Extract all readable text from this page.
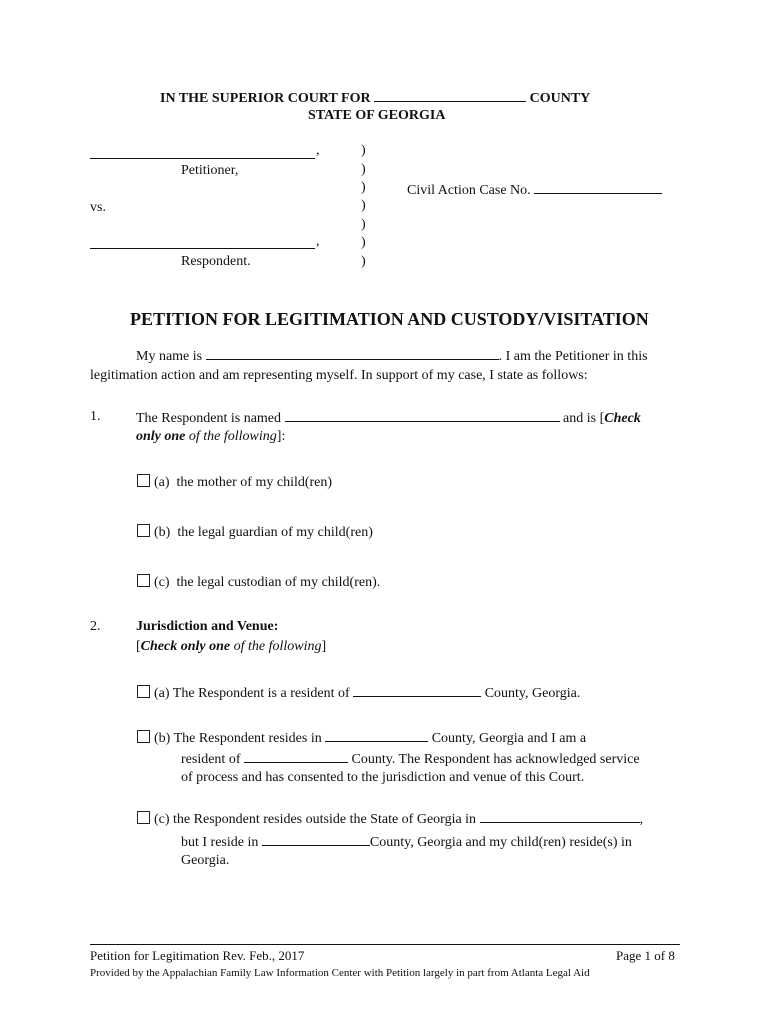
IN THE SUPERIOR COURT FOR	COUNTY
STATE OF GEORGIA
,
Petitioner,
vs.
,
Respondent.
)
)
)
)
)
)
)
Civil Action Case No.
PETITION FOR LEGITIMATION AND CUSTODY/VISITATION
My name is	. I am the Petitioner in this
legitimation action and am representing myself. In support of my case, I state as follows:
1.	The Respondent is named	and is [Check
only one of the following]:
(a) the mother of my child(ren)
(b) the legal guardian of my child(ren)
(c) the legal custodian of my child(ren).
2.	Jurisdiction and Venue:
[Check only one of the following]
(a) The Respondent is a resident of	County, Georgia.
(b) The Respondent resides in	County, Georgia and I am a
resident of	County. The Respondent has acknowledged service
of process and has consented to the jurisdiction and venue of this Court.
(c) the Respondent resides outside the State of Georgia in	,
but I reside in	County, Georgia and my child(ren) reside(s) in
Georgia.
Petition for Legitimation Rev. Feb., 2017	Page 1 of 8
Provided by the Appalachian Family Law Information Center with Petition largely in part from Atlanta Legal Aid
